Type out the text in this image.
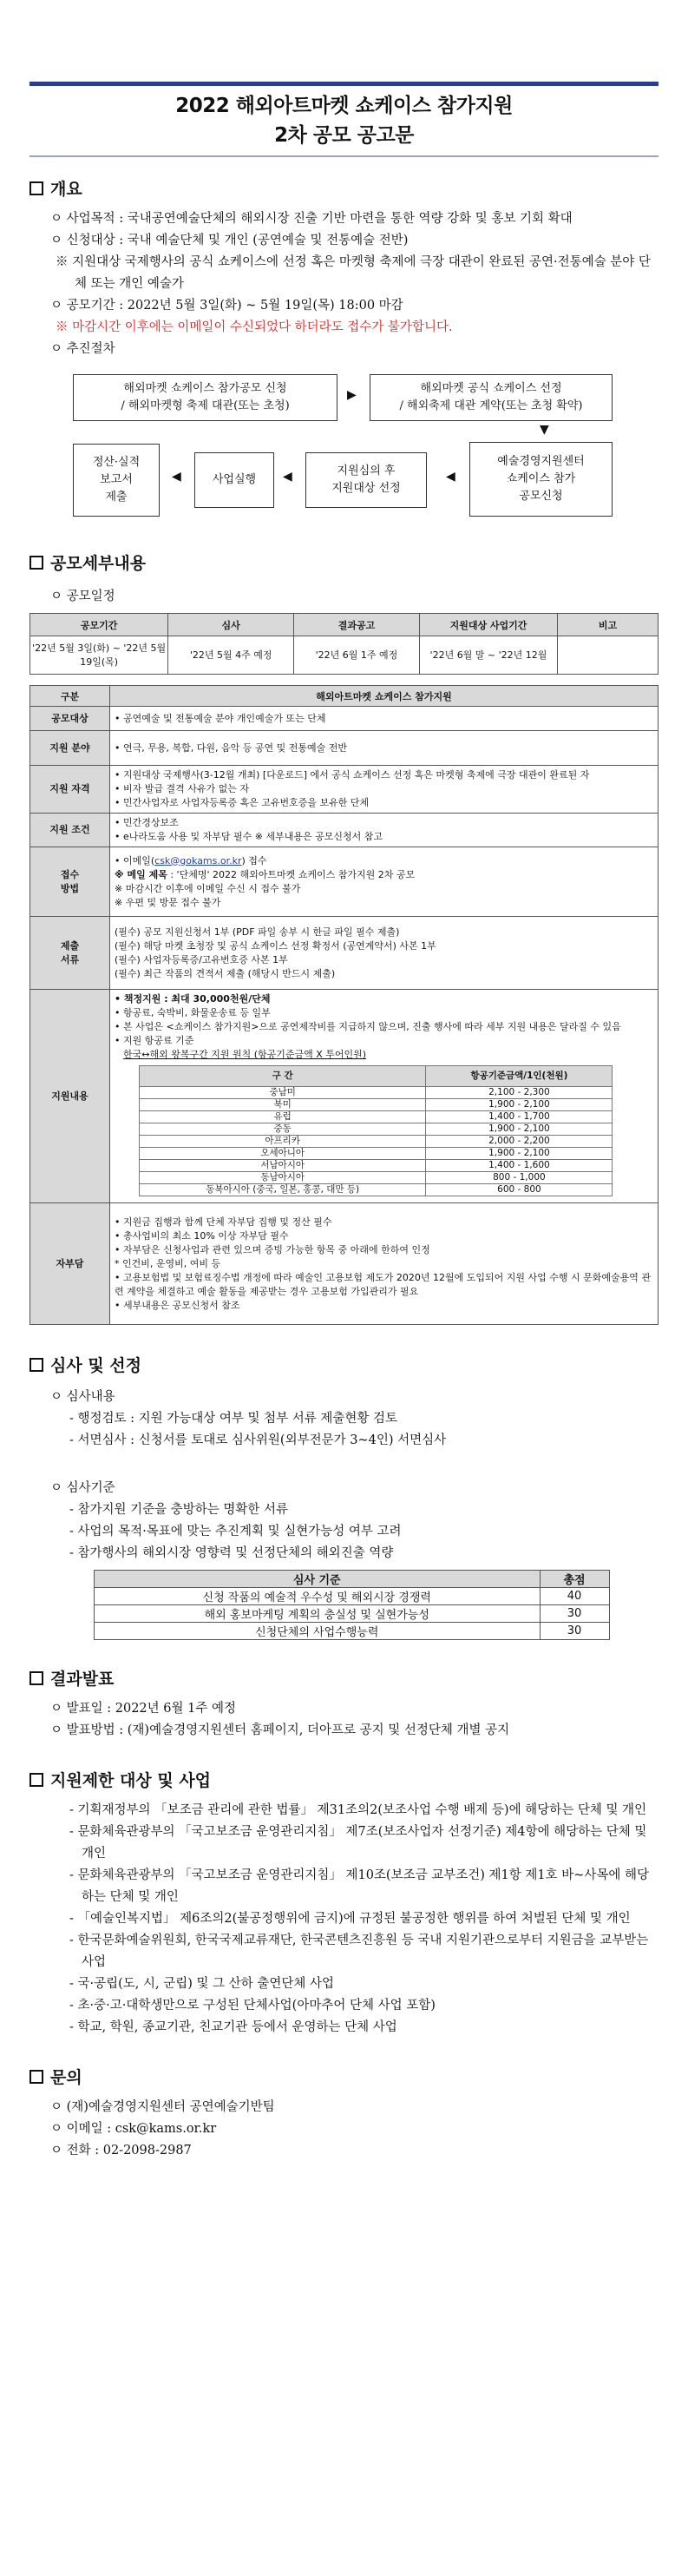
2022 해외아트마켓 쇼케이스 참가지원
2차 공모 공고문
개요

ㅇ 사업목적 : 국내공연예술단체의 해외시장 진출 기반 마련을 통한 역량 강화 및 홍보 기회 확대

ㅇ 신청대상 : 국내 예술단체 및 개인 (공연예술 및 전통예술 전반)

※ 지원대상 국제행사의 공식 쇼케이스에 선정 혹은 마켓형 축제에 극장 대관이 완료된 공연·전통예술 분야 단체 또는 개인 예술가

ㅇ 공모기간 : 2022년 5월 3일(화) ~ 5월 19일(목) 18:00 마감

※ 마감시간 이후에는 이메일이 수신되었다 하더라도 접수가 불가합니다.

ㅇ 추진절차

해외마켓 쇼케이스 참가공모 신청
/ 해외마켓형 축제 대관(또는 초청)
▶	해외마켓 공식 쇼케이스 선정
/ 해외축제 대관 계약(또는 초청 확약)
▼
예술경영지원센터
쇼케이스 참가
공모신청
◀
지원심의 후
지원대상 선정
◀
사업실행
◀
정산·실적
보고서
제출
공모세부내용

ㅇ 공모일정

공모기간	심사	결과공고	지원대상 사업기간	비고
'22년 5월 3일(화) ~ '22년 5월 19일(목)	'22년 5월 4주 예정	'22년 6월 1주 예정	'22년 6월 말 ~ '22년 12월	
구분	해외아트마켓 쇼케이스 참가지원
공모대상	• 공연예술 및 전통예술 분야 개인예술가 또는 단체
지원 분야	• 연극, 무용, 복합, 다원, 음악 등 공연 및 전통예술 전반
지원 자격	
• 지원대상 국제행사(3-12월 개최) [다운로드] 에서 공식 쇼케이스 선정 혹은 마켓형 축제에 극장 대관이 완료된 자
• 비자 발급 결격 사유가 없는 자
• 민간사업자로 사업자등록증 혹은 고유번호증을 보유한 단체

지원 조건	
• 민간경상보조
• e나라도움 사용 및 자부담 필수 ※ 세부내용은 공모신청서 참고

접수
방법

• 이메일(csk@gokams.or.kr) 접수
※ 메일 제목 : '단체명' 2022 해외아트마켓 쇼케이스 참가지원 2차 공모
※ 마감시간 이후에 이메일 수신 시 접수 불가
※ 우편 및 방문 접수 불가

제출
서류

(필수) 공모 지원신청서 1부 (PDF 파일 송부 시 한글 파일 필수 제출)
(필수) 해당 마켓 초청장 및 공식 쇼케이스 선정 확정서 (공연계약서) 사본 1부
(필수) 사업자등록증/고유번호증 사본 1부
(필수) 최근 작품의 견적서 제출 (해당시 반드시 제출)

지원내용	
• 책정지원 : 최대 30,000천원/단체
• 항공료, 숙박비, 화물운송료 등 일부
• 본 사업은 <쇼케이스 참가지원>으로 공연제작비를 지급하지 않으며, 진출 행사에 따라 세부 지원 내용은 달라질 수 있음
• 지원 항공료 기준
한국↔해외 왕복구간 지원 원칙 (항공기준금액 X 투어인원)
구 간	항공기준금액/1인(천원)
중남미	2,100 - 2,300
북미	1,900 - 2,100
유럽	1,400 - 1,700
중동	1,900 - 2,100
아프리카	2,000 - 2,200
오세아니아	1,900 - 2,100
서남아시아	1,400 - 1,600
동남아시아	800 - 1,000
동북아시아 (중국, 일본, 홍콩, 대만 등)	600 - 800

자부담	
• 지원금 집행과 함께 단체 자부담 집행 및 정산 필수
• 총사업비의 최소 10% 이상 자부담 필수
• 자부담은 신청사업과 관련 있으며 증빙 가능한 항목 중 아래에 한하여 인정
* 인건비, 운영비, 여비 등
• 고용보험법 및 보험료징수법 개정에 따라 예술인 고용보험 제도가 2020년 12월에 도입되어 지원 사업 수행 시 문화예술용역 관련 계약을 체결하고 예술 활동을 제공받는 경우 고용보험 가입관리가 필요
• 세부내용은 공모신청서 참조
심사 및 선정

ㅇ 심사내용

- 행정검토 : 지원 가능대상 여부 및 첨부 서류 제출현황 검토

- 서면심사 : 신청서를 토대로 심사위원(외부전문가 3~4인) 서면심사

ㅇ 심사기준

- 참가지원 기준을 충방하는 명확한 서류

- 사업의 목적·목표에 맞는 추진계획 및 실현가능성 여부 고려

- 참가행사의 해외시장 영향력 및 선정단체의 해외진출 역량

심사 기준	총점
신청 작품의 예술적 우수성 및 해외시장 경쟁력	40
해외 홍보마케팅 계획의 충실성 및 실현가능성	30
신청단체의 사업수행능력	30
결과발표

ㅇ 발표일 : 2022년 6월 1주 예정

ㅇ 발표방법 : (재)예술경영지원센터 홈페이지, 더아프로 공지 및 선정단체 개별 공지

지원제한 대상 및 사업

- 기획재정부의 「보조금 관리에 관한 법률」 제31조의2(보조사업 수행 배제 등)에 해당하는 단체 및 개인

- 문화체육관광부의 「국고보조금 운영관리지침」 제7조(보조사업자 선정기준) 제4항에 해당하는 단체 및 개인

- 문화체육관광부의 「국고보조금 운영관리지침」 제10조(보조금 교부조건) 제1항 제1호 바~사목에 해당하는 단체 및 개인

- 「예술인복지법」 제6조의2(불공정행위에 금지)에 규정된 불공정한 행위를 하여 처벌된 단체 및 개인

- 한국문화예술위원회, 한국국제교류재단, 한국콘텐츠진흥원 등 국내 지원기관으로부터 지원금을 교부받는 사업

- 국·공립(도, 시, 군립) 및 그 산하 출연단체 사업

- 초·중·고·대학생만으로 구성된 단체사업(아마추어 단체 사업 포함)

- 학교, 학원, 종교기관, 친교기관 등에서 운영하는 단체 사업

문의

ㅇ (재)예술경영지원센터 공연예술기반팀

ㅇ 이메일 : csk@kams.or.kr

ㅇ 전화 : 02-2098-2987
